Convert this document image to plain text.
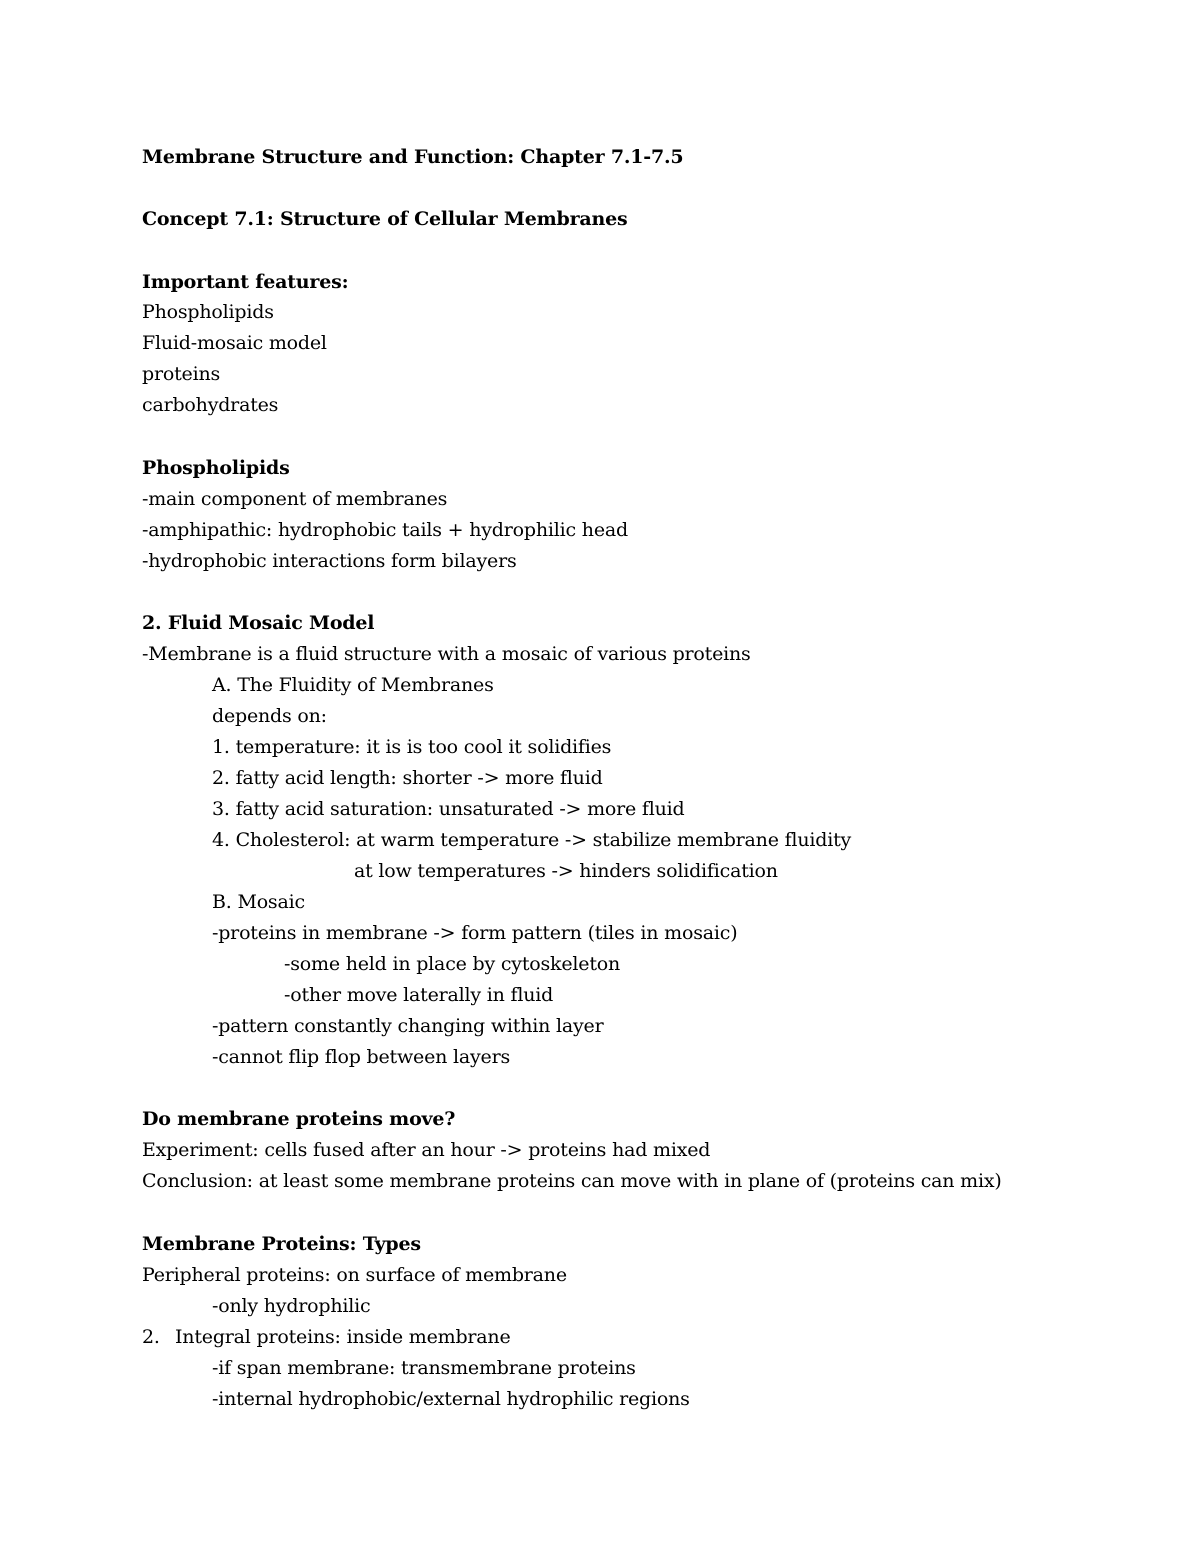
Membrane Structure and Function: Chapter 7.1-7.5
Concept 7.1: Structure of Cellular Membranes
Important features:
Phospholipids
Fluid-mosaic model
proteins
carbohydrates
Phospholipids
-main component of membranes
-amphipathic: hydrophobic tails + hydrophilic head
-hydrophobic interactions form bilayers
2. Fluid Mosaic Model
-Membrane is a fluid structure with a mosaic of various proteins
A. The Fluidity of Membranes
depends on:
1. temperature: it is is too cool it solidifies
2. fatty acid length: shorter -> more fluid
3. fatty acid saturation: unsaturated -> more fluid
4. Cholesterol: at warm temperature -> stabilize membrane fluidity
at low temperatures -> hinders solidification
B. Mosaic
-proteins in membrane -> form pattern (tiles in mosaic)
-some held in place by cytoskeleton
-other move laterally in fluid
-pattern constantly changing within layer
-cannot flip flop between layers
Do membrane proteins move?
Experiment: cells fused after an hour -> proteins had mixed
Conclusion: at least some membrane proteins can move with in plane of (proteins can mix)
Membrane Proteins: Types
Peripheral proteins: on surface of membrane
-only hydrophilic
2. Integral proteins: inside membrane
-if span membrane: transmembrane proteins
-internal hydrophobic/external hydrophilic regions
